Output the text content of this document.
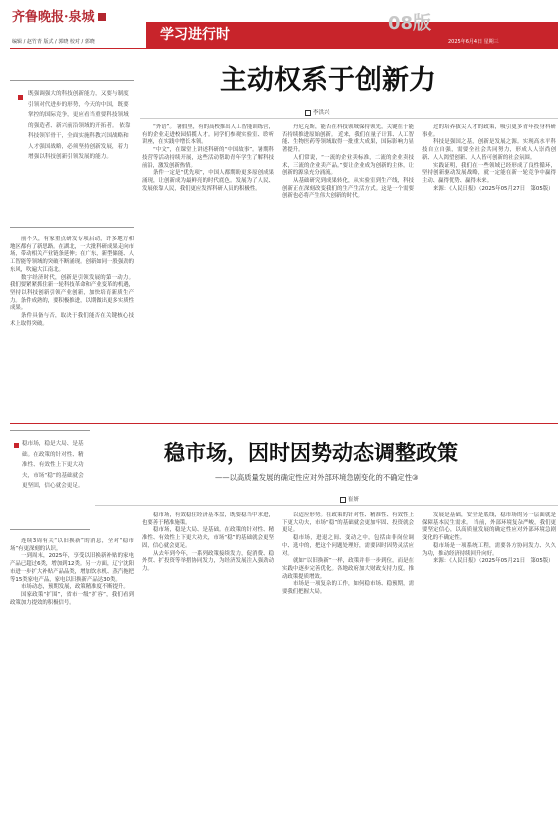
齐鲁晚报·泉城
编辑 / 赵竹青 版式 / 郭晓 校对 / 郭晓	学习进行时
08版
2025年6月4日 星期三
既强调强大的科技创新能力，又要与制度引领对代进步的形势，今天的中国，既要掌控的国际竞争，更应看当重要科技领域的强造者、新兴前沿领域的开拓者。 依靠科技领军骨干，全面实施科教兴国战略和人才强国战略，必须坚持创新发展，着力增强以科技创新引领发展的能力。
主动权系于创新力
李洪兴

前不久，有家重点研发专项启动，许多地方和地区都有了新思路。在湖北，一大批科研成果走向市场，带动相关产业链条延伸；在广东，新型储能、人工智能等领域的突破不断涌现。创新如同一股强劲的东风，吹遍大江南北。

数字经济时代，创新是引领发展的第一动力。我们要紧紧抓住新一轮科技革命和产业变革的机遇，坚持以科技创新引领产业创新，加快培育新质生产力。条件成熟的，要积极推进，以期做出更多实质性成果。

条件具备与否，取决于我们能否在关键核心技术上取得突破。

“外语”。 暑假里，有的高校推出人工智能训练营，有的企业走进校园招揽人才。同学们参观实验室、聆听讲座，在实践中增长本领。

“中文”，在课堂上讲述科研的“中国故事”。暑期科技营等活动持续开展，这些活动帮助青年学生了解科技前沿，激发创新热情。

条件一定是“优先项”，中国人都期盼更多原创成果涌现，让创新成为最鲜亮的时代底色。发展为了人民、发展依靠人民，我们更应发挥科研人员的积极性。

丹尼克斯，能否在科技领域保持领先，关键在于能否持续推进原始创新。 近来，我们在量子计算、人工智能、生物医药等领域取得一批重大成果，国际影响力显著提升。

人们常说，“一流的企业卖标准，二流的企业卖技术，三流的企业卖产品。”要让企业成为创新的主体，让创新的源泉充分涌流。

从基础研究到成果转化，从实验室到生产线，科技创新正在深刻改变我们的生产生活方式。这是一个需要创新也必将产生伟大创新的时代。

过的培养拔尖人才的政策，吸引更多青年投身科研事业。

科技是强国之基，创新是发展之源。实现高水平科技自立自强，需要全社会共同努力，形成人人崇尚创新、人人渴望创新、人人皆可创新的社会氛围。

实践证明，我们在一些领域已经形成了良性循环，坚持创新驱动发展战略，就一定能在新一轮竞争中赢得主动、赢得优势、赢得未来。

来源：《人民日报》（2025年05月27日　第05版）

稳市场，稳是大局、是基础。在政策的针对性、精准性、有效性上下更大功夫，市场“稳”的基础就会更坚固，信心就会更足。
稳市场，因时因势动态调整政策
——以高质量发展的确定性应对外部环境急剧变化的不确定性③
崔妍

连续3周有关“以旧换新”的消息，全对“稳市场”有更深刻的认识。

一到周末，2025年，享受以旧换新补贴的家电产品已超过6类，增加到12类。另一方面，辽宁沈阳市进一步扩大补贴产品品类，增加饮水机、蒸汽拖把等15类家电产品，家电以旧换新产品达30类。

市场动态，预期发展，政策精准度不断提升。

国家政策“扩围”，省市一级“扩容”，我们看到政策加力提效的积极信号。

稳市场，有效稳住经济基本盘，既要稳当中求进，也要善于精准施策。

稳市场，稳是大局、是基础。在政策的针对性、精准性、有效性上下更大功夫，市场“稳”的基础就会更坚固，信心就会更足。

从去年到今年，一系列政策接续发力，促消费、稳外贸、扩投资等举措协同发力，为经济发展注入强劲动力。

以适应形势。在政策的针对性、精准性、有效性上下更大功夫，市场“稳”的基础就会更加牢固、投资就会更足。

稳市场，进退之间、变动之中，包括由非岗位调中、选中的，把这个问题处理好，需要因时因势灵活应对。

就如“以旧换新”一样，政策并非一步到位，而是在实践中逐步完善优化。各地政府加大财政支持力度，推动政策提质增效。

市场是一项复杂的工作，如何稳市场、稳预期，需要我们把握大局。

发展是基础，安全是底线，稳市场的另一层面就是保障基本民生需求。 当前，外部环境复杂严峻，我们更要坚定信心，以高质量发展的确定性应对外部环境急剧变化的不确定性。

稳市场是一项系统工程，需要各方协同发力、久久为功，推动经济持续回升向好。

来源：《人民日报》（2025年05月21日　第05版）
